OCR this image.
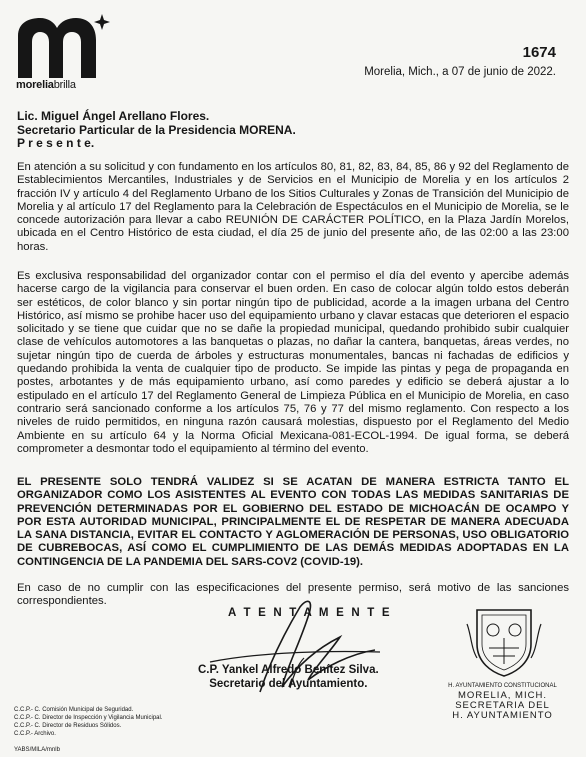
moreliabrilla
1674
Morelia, Mich., a 07 de junio de 2022.
Lic. Miguel Ángel Arellano Flores.
Secretario Particular de la Presidencia MORENA.
P r e s e n t e.
En atención a su solicitud y con fundamento en los artículos 80, 81, 82, 83, 84, 85, 86 y 92 del Reglamento de Establecimientos Mercantiles, Industriales y de Servicios en el Municipio de Morelia y en los artículos 2 fracción IV y artículo 4 del Reglamento Urbano de los Sitios Culturales y Zonas de Transición del Municipio de Morelia y al artículo 17 del Reglamento para la Celebración de Espectáculos en el Municipio de Morelia, se le concede autorización para llevar a cabo REUNIÓN DE CARÁCTER POLÍTICO, en la Plaza Jardín Morelos, ubicada en el Centro Histórico de esta ciudad, el día 25 de junio del presente año, de las 02:00 a las 23:00 horas.
Es exclusiva responsabilidad del organizador contar con el permiso el día del evento y apercibe además hacerse cargo de la vigilancia para conservar el buen orden. En caso de colocar algún toldo estos deberán ser estéticos, de color blanco y sin portar ningún tipo de publicidad, acorde a la imagen urbana del Centro Histórico, así mismo se prohibe hacer uso del equipamiento urbano y clavar estacas que deterioren el espacio solicitado y se tiene que cuidar que no se dañe la propiedad municipal, quedando prohibido subir cualquier clase de vehículos automotores a las banquetas o plazas, no dañar la cantera, banquetas, áreas verdes, no sujetar ningún tipo de cuerda de árboles y estructuras monumentales, bancas ni fachadas de edificios y quedando prohibida la venta de cualquier tipo de producto. Se impide las pintas y pega de propaganda en postes, arbotantes y de más equipamiento urbano, así como paredes y edificio se deberá ajustar a lo estipulado en el artículo 17 del Reglamento General de Limpieza Pública en el Municipio de Morelia, en caso contrario será sancionado conforme a los artículos 75, 76 y 77 del mismo reglamento. Con respecto a los niveles de ruido permitidos, en ninguna razón causará molestias, dispuesto por el Reglamento del Medio Ambiente en su artículo 64 y la Norma Oficial Mexicana-081-ECOL-1994. De igual forma, se deberá comprometer a desmontar todo el equipamiento al término del evento.
EL PRESENTE SOLO TENDRÁ VALIDEZ SI SE ACATAN DE MANERA ESTRICTA TANTO EL ORGANIZADOR COMO LOS ASISTENTES AL EVENTO CON TODAS LAS MEDIDAS SANITARIAS DE PREVENCIÓN DETERMINADAS POR EL GOBIERNO DEL ESTADO DE MICHOACÁN DE OCAMPO Y POR ESTA AUTORIDAD MUNICIPAL, PRINCIPALMENTE EL DE RESPETAR DE MANERA ADECUADA LA SANA DISTANCIA, EVITAR EL CONTACTO Y AGLOMERACIÓN DE PERSONAS, USO OBLIGATORIO DE CUBREBOCAS, ASÍ COMO EL CUMPLIMIENTO DE LAS DEMÁS MEDIDAS ADOPTADAS EN LA CONTINGENCIA DE LA PANDEMIA DEL SARS-COV2 (COVID-19).
En caso de no cumplir con las especificaciones del presente permiso, será motivo de las sanciones correspondientes.
A T E N T A M E N T E
C.P. Yankel Alfredo Benítez Silva.
Secretario del Ayuntamiento.
C.C.P.- C. Comisión Municipal de Seguridad.
C.C.P.- C. Director de Inspección y Vigilancia Municipal.
C.C.P.- C. Director de Residuos Sólidos.
C.C.P.- Archivo.
YABS/MILA/mnlb
H. AYUNTAMIENTO CONSTITUCIONAL
MORELIA, MICH.
SECRETARIA DEL
H. AYUNTAMIENTO
